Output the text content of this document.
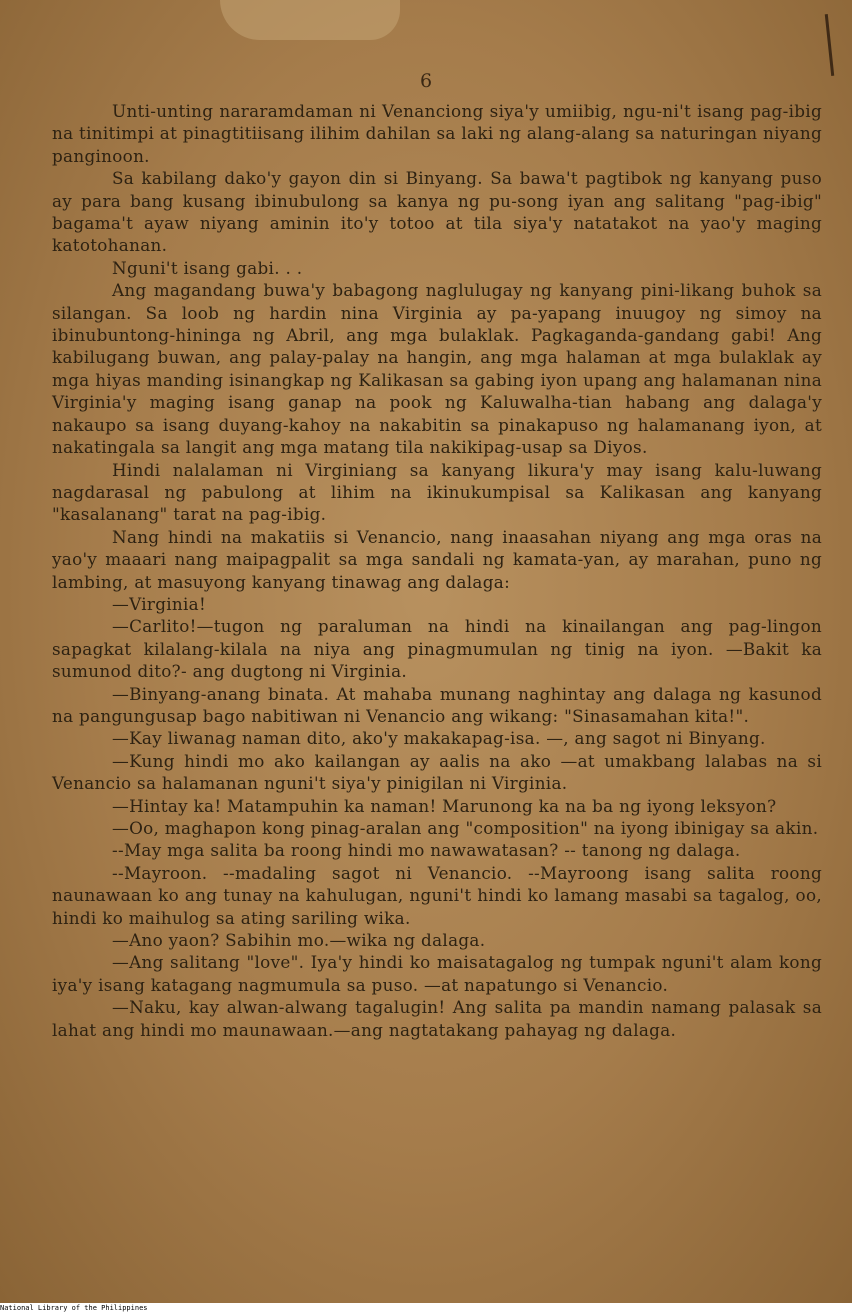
6

Unti-unting nararamdaman ni Venanciong siya'y umiibig, ngu-ni't isang pag-ibig na tinitimpi at pinagtitiisang ilihim dahilan sa laki ng alang-alang sa naturingan niyang panginoon.

Sa kabilang dako'y gayon din si Binyang. Sa bawa't pagtibok ng kanyang puso ay para bang kusang ibinubulong sa kanya ng pu-song iyan ang salitang "pag-ibig" bagama't ayaw niyang aminin ito'y totoo at tila siya'y natatakot na yao'y maging katotohanan.

Nguni't isang gabi. . .

Ang magandang buwa'y babagong naglulugay ng kanyang pini-likang buhok sa silangan. Sa loob ng hardin nina Virginia ay pa-yapang inuugoy ng simoy na ibinubuntong-hininga ng Abril, ang mga bulaklak. Pagkaganda-gandang gabi! Ang kabilugang buwan, ang palay-palay na hangin, ang mga halaman at mga bulaklak ay mga hiyas manding isinangkap ng Kalikasan sa gabing iyon upang ang halamanan nina Virginia'y maging isang ganap na pook ng Kaluwalha-tian habang ang dalaga'y nakaupo sa isang duyang-kahoy na nakabitin sa pinakapuso ng halamanang iyon, at nakatingala sa langit ang mga matang tila nakikipag-usap sa Diyos.

Hindi nalalaman ni Virginiang sa kanyang likura'y may isang kalu-luwang nagdarasal ng pabulong at lihim na ikinukumpisal sa Kalikasan ang kanyang "kasalanang" tarat na pag-ibig.

Nang hindi na makatiis si Venancio, nang inaasahan niyang ang mga oras na yao'y maaari nang maipagpalit sa mga sandali ng kamata-yan, ay marahan, puno ng lambing, at masuyong kanyang tinawag ang dalaga:

—Virginia!

—Carlito!—tugon ng paraluman na hindi na kinailangan ang pag-lingon sapagkat kilalang-kilala na niya ang pinagmumulan ng tinig na iyon. —Bakit ka sumunod dito?- ang dugtong ni Virginia.

—Binyang-anang binata. At mahaba munang naghintay ang dalaga ng kasunod na pangungusap bago nabitiwan ni Venancio ang wikang: "Sinasamahan kita!".

—Kay liwanag naman dito, ako'y makakapag-isa. —, ang sagot ni Binyang.

—Kung hindi mo ako kailangan ay aalis na ako —at umakbang lalabas na si Venancio sa halamanan nguni't siya'y pinigilan ni Virginia.

—Hintay ka! Matampuhin ka naman! Marunong ka na ba ng iyong leksyon?

—Oo, maghapon kong pinag-aralan ang "composition" na iyong ibinigay sa akin.

--May mga salita ba roong hindi mo nawawatasan? -- tanong ng dalaga.

--Mayroon. --madaling sagot ni Venancio. --Mayroong isang salita roong naunawaan ko ang tunay na kahulugan, nguni't hindi ko lamang masabi sa tagalog, oo, hindi ko maihulog sa ating sariling wika.

—Ano yaon? Sabihin mo.—wika ng dalaga.

—Ang salitang "love". Iya'y hindi ko maisatagalog ng tumpak nguni't alam kong iya'y isang katagang nagmumula sa puso. —at napatungo si Venancio.

—Naku, kay alwan-alwang tagalugin! Ang salita pa mandin namang palasak sa lahat ang hindi mo maunawaan.—ang nagtatakang pahayag ng dalaga.

National Library of the Philippines
